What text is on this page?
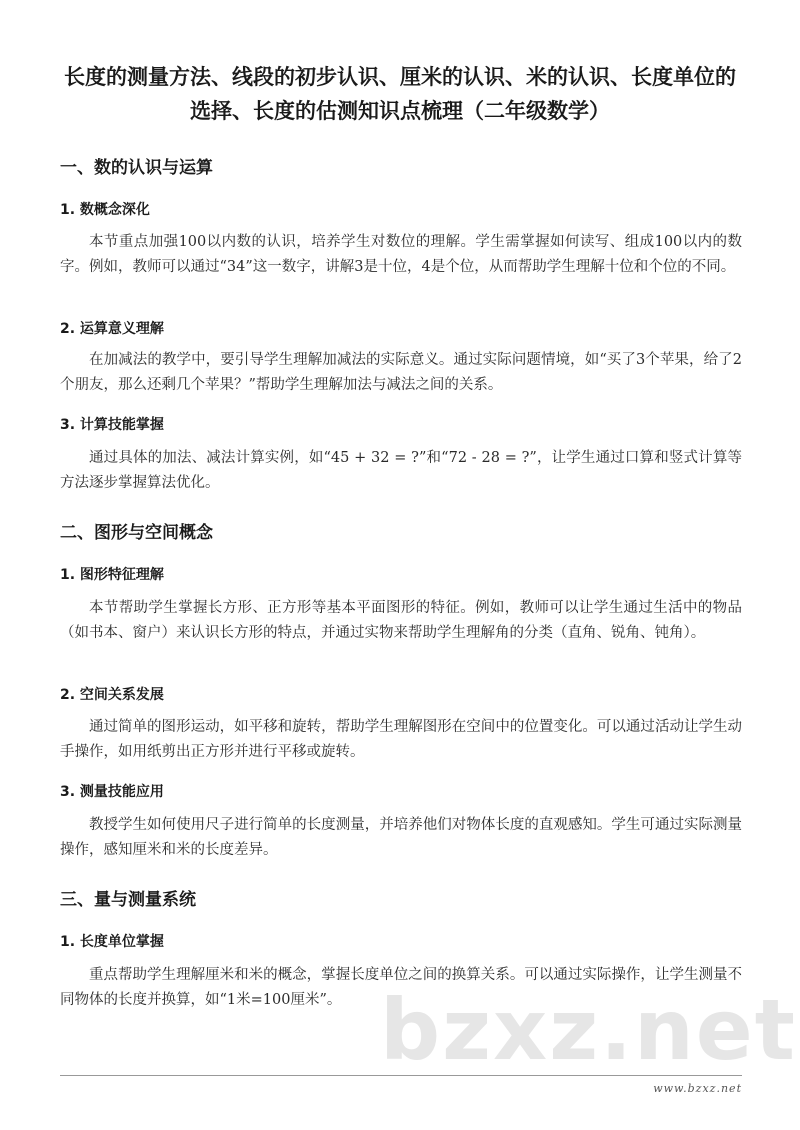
长度的测量方法、线段的初步认识、厘米的认识、米的认识、长度单位的选择、长度的估测知识点梳理（二年级数学）
一、数的认识与运算
1. 数概念深化

本节重点加强100以内数的认识，培养学生对数位的理解。学生需掌握如何读写、组成100以内的数字。例如，教师可以通过“34”这一数字，讲解3是十位，4是个位，从而帮助学生理解十位和个位的不同。

2. 运算意义理解

在加减法的教学中，要引导学生理解加减法的实际意义。通过实际问题情境，如“买了3个苹果，给了2个朋友，那么还剩几个苹果？”帮助学生理解加法与减法之间的关系。

3. 计算技能掌握

通过具体的加法、减法计算实例，如“45 + 32 = ?”和“72 - 28 = ?”，让学生通过口算和竖式计算等方法逐步掌握算法优化。

二、图形与空间概念
1. 图形特征理解

本节帮助学生掌握长方形、正方形等基本平面图形的特征。例如，教师可以让学生通过生活中的物品（如书本、窗户）来认识长方形的特点，并通过实物来帮助学生理解角的分类（直角、锐角、钝角）。

2. 空间关系发展

通过简单的图形运动，如平移和旋转，帮助学生理解图形在空间中的位置变化。可以通过活动让学生动手操作，如用纸剪出正方形并进行平移或旋转。

3. 测量技能应用

教授学生如何使用尺子进行简单的长度测量，并培养他们对物体长度的直观感知。学生可通过实际测量操作，感知厘米和米的长度差异。

三、量与测量系统
1. 长度单位掌握

重点帮助学生理解厘米和米的概念，掌握长度单位之间的换算关系。可以通过实际操作，让学生测量不同物体的长度并换算，如“1米=100厘米”。 bzxz.net
www.bzxz.net
